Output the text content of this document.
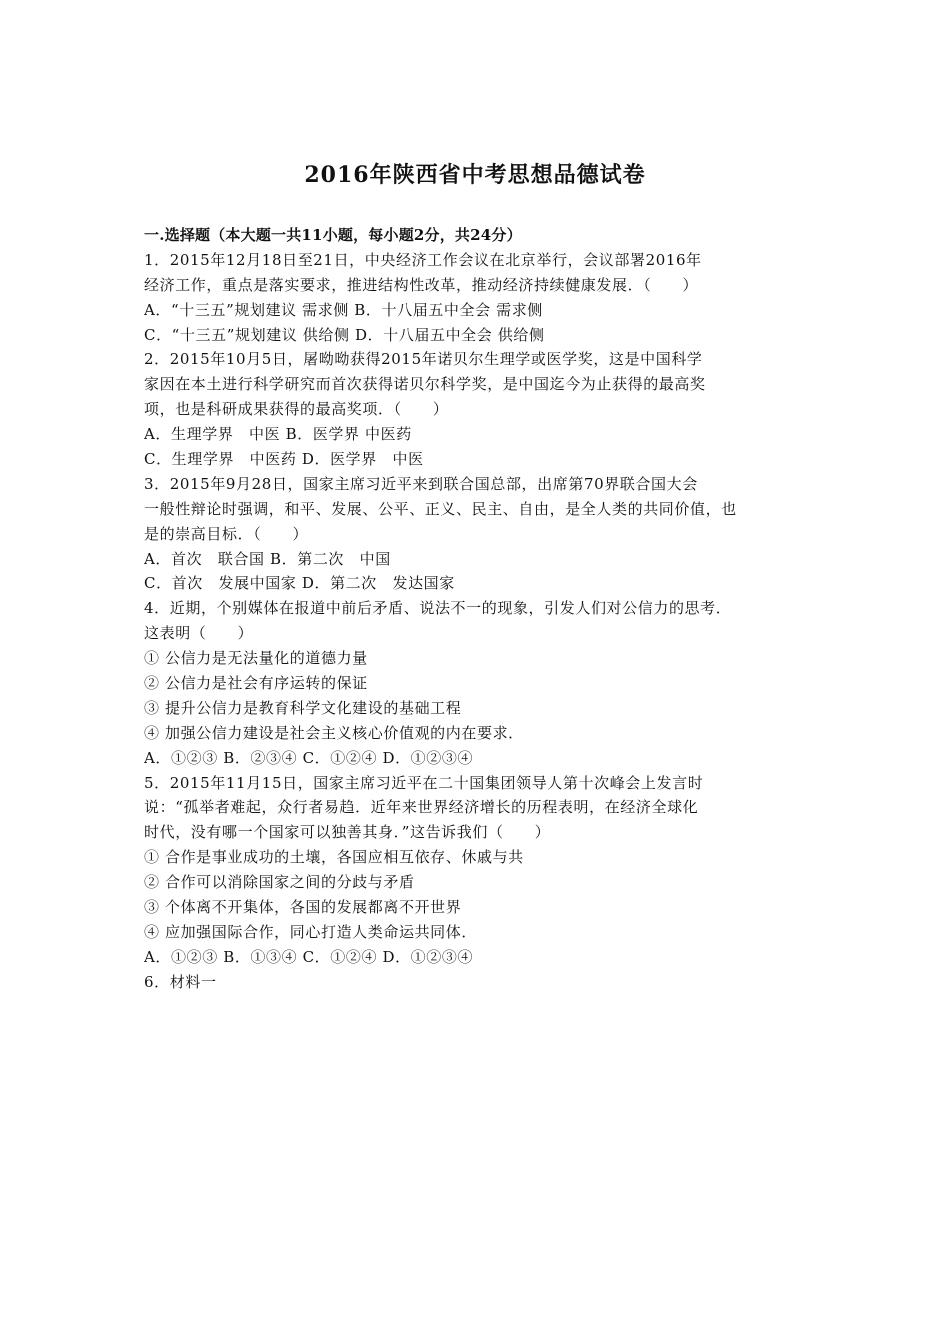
2016年陕西省中考思想品德试卷
一.选择题（本大题一共11小题，每小题2分，共24分）
1．2015年12月18日至21日，中央经济工作会议在北京举行，会议部署2016年
经济工作，重点是落实要求，推进结构性改革，推动经济持续健康发展．（　　）
A．“十三五”规划建议 需求侧 B．十八届五中全会 需求侧
C．“十三五”规划建议 供给侧 D．十八届五中全会 供给侧
2．2015年10月5日，屠呦呦获得2015年诺贝尔生理学或医学奖，这是中国科学
家因在本土进行科学研究而首次获得诺贝尔科学奖，是中国迄今为止获得的最高奖
项，也是科研成果获得的最高奖项．（　　）
A．生理学界　中医 B．医学界 中医药
C．生理学界　中医药 D．医学界　中医
3．2015年9月28日，国家主席习近平来到联合国总部，出席第70界联合国大会
一般性辩论时强调，和平、发展、公平、正义、民主、自由，是全人类的共同价值，也
是的崇高目标．（　　）
A．首次　联合国 B．第二次　中国
C．首次　发展中国家 D．第二次　发达国家
4．近期，个别媒体在报道中前后矛盾、说法不一的现象，引发人们对公信力的思考．
这表明（　　）
① 公信力是无法量化的道德力量
② 公信力是社会有序运转的保证
③ 提升公信力是教育科学文化建设的基础工程
④ 加强公信力建设是社会主义核心价值观的内在要求．
A．①②③ B．②③④ C．①②④ D．①②③④
5．2015年11月15日，国家主席习近平在二十国集团领导人第十次峰会上发言时
说：“孤举者难起，众行者易趋．近年来世界经济增长的历程表明，在经济全球化
时代，没有哪一个国家可以独善其身．”这告诉我们（　　）
① 合作是事业成功的土壤，各国应相互依存、休戚与共
② 合作可以消除国家之间的分歧与矛盾
③ 个体离不开集体，各国的发展都离不开世界
④ 应加强国际合作，同心打造人类命运共同体．
A．①②③ B．①③④ C．①②④ D．①②③④
6．材料一
